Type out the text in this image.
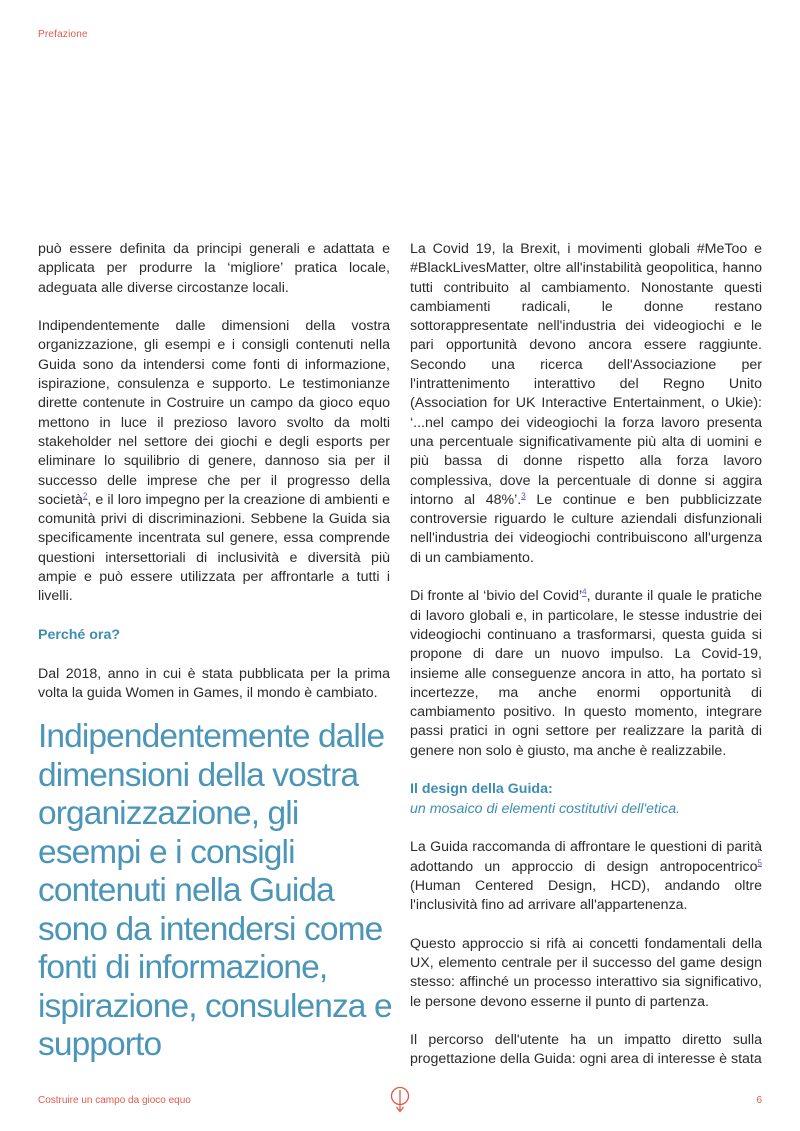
Prefazione

può essere definita da principi generali e adattata e applicata per produrre la ‘migliore’ pratica locale, adeguata alle diverse circostanze locali.

Indipendentemente dalle dimensioni della vostra organizzazione, gli esempi e i consigli contenuti nella Guida sono da intendersi come fonti di informazione, ispirazione, consulenza e supporto. Le testimonianze dirette contenute in Costruire un campo da gioco equo mettono in luce il prezioso lavoro svolto da molti stakeholder nel settore dei giochi e degli esports per eliminare lo squilibrio di genere, dannoso sia per il successo delle imprese che per il progresso della società$^2$, e il loro impegno per la creazione di ambienti e comunità privi di discriminazioni. Sebbene la Guida sia specificamente incentrata sul genere, essa comprende questioni intersettoriali di inclusività e diversità più ampie e può essere utilizzata per affrontarle a tutti i livelli.

Perché ora?

Dal 2018, anno in cui è stata pubblicata per la prima volta la guida Women in Games, il mondo è cambiato.

Indipendentemente dalle dimensioni della vostra organizzazione, gli esempi e i consigli contenuti nella Guida sono da intendersi come fonti di informazione, ispirazione, consulenza e supporto

La Covid 19, la Brexit, i movimenti globali #MeToo e #BlackLivesMatter, oltre all'instabilità geopolitica, hanno tutti contribuito al cambiamento. Nonostante questi cambiamenti radicali, le donne restano sottorappresentate nell'industria dei videogiochi e le pari opportunità devono ancora essere raggiunte. Secondo una ricerca dell'Associazione per l'intrattenimento interattivo del Regno Unito (Association for UK Interactive Entertainment, o Ukie): ‘...nel campo dei videogiochi la forza lavoro presenta una percentuale significativamente più alta di uomini e più bassa di donne rispetto alla forza lavoro complessiva, dove la percentuale di donne si aggira intorno al 48%’.$^3$ Le continue e ben pubblicizzate controversie riguardo le culture aziendali disfunzionali nell'industria dei videogiochi contribuiscono all'urgenza di un cambiamento.

Di fronte al ‘bivio del Covid’$^4$, durante il quale le pratiche di lavoro globali e, in particolare, le stesse industrie dei videogiochi continuano a trasformarsi, questa guida si propone di dare un nuovo impulso. La Covid-19, insieme alle conseguenze ancora in atto, ha portato sì incertezze, ma anche enormi opportunità di cambiamento positivo. In questo momento, integrare passi pratici in ogni settore per realizzare la parità di genere non solo è giusto, ma anche è realizzabile.

Il design della Guida:
un mosaico di elementi costitutivi dell'etica.

La Guida raccomanda di affrontare le questioni di parità adottando un approccio di design antropocentrico$^5$ (Human Centered Design, HCD), andando oltre l'inclusività fino ad arrivare all'appartenenza.

Questo approccio si rifà ai concetti fondamentali della UX, elemento centrale per il successo del game design stesso: affinché un processo interattivo sia significativo, le persone devono esserne il punto di partenza.

Il percorso dell'utente ha un impatto diretto sulla progettazione della Guida: ogni area di interesse è stata

Costruire un campo da gioco equo	6
